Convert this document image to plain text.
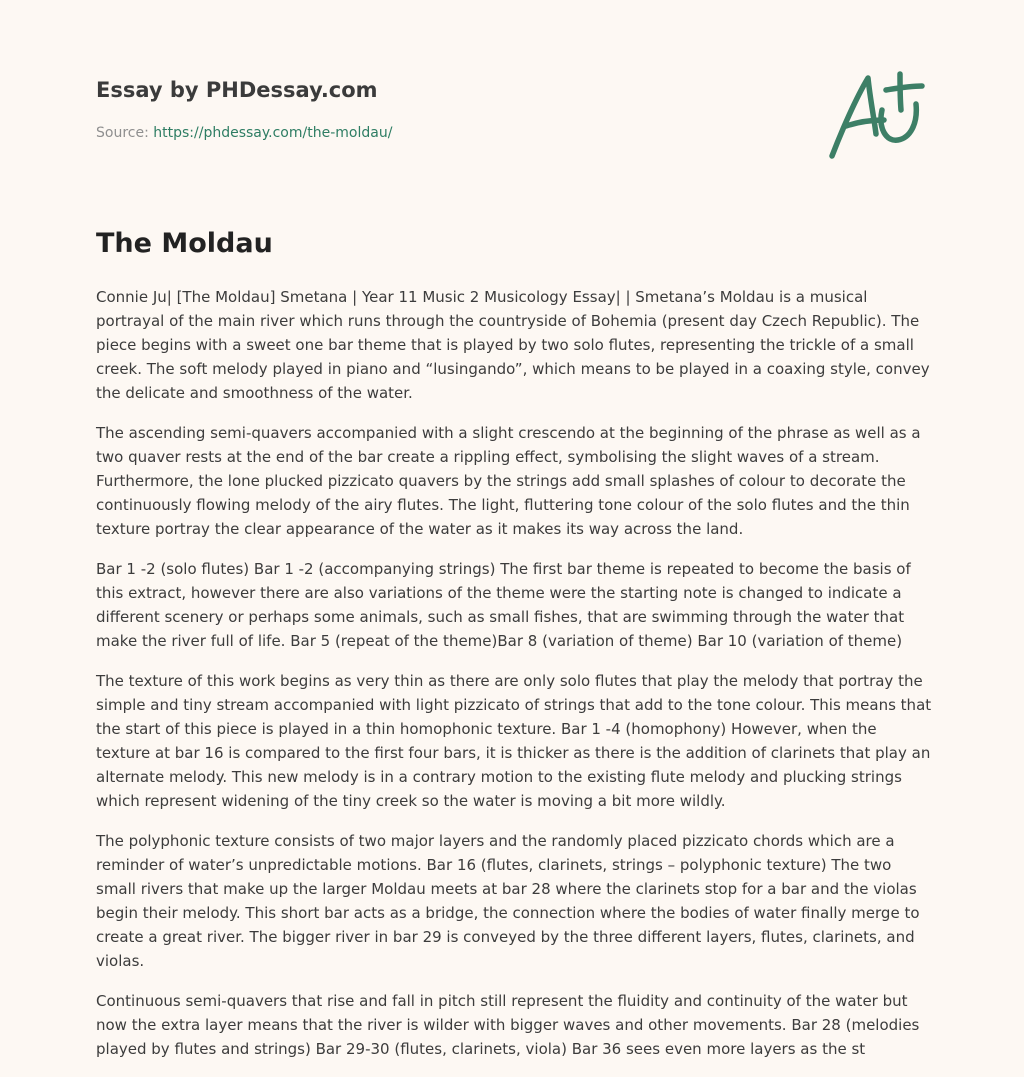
Essay by PHDessay.com
Source: https://phdessay.com/the-moldau/
The Moldau

Connie Ju| [The Moldau] Smetana | Year 11 Music 2 Musicology Essay| | Smetana’s Moldau is a musical portrayal of the main river which runs through the countryside of Bohemia (present day Czech Republic). The piece begins with a sweet one bar theme that is played by two solo flutes, representing the trickle of a small creek. The soft melody played in piano and “lusingando”, which means to be played in a coaxing style, convey the delicate and smoothness of the water.

The ascending semi-quavers accompanied with a slight crescendo at the beginning of the phrase as well as a two quaver rests at the end of the bar create a rippling effect, symbolising the slight waves of a stream. Furthermore, the lone plucked pizzicato quavers by the strings add small splashes of colour to decorate the continuously flowing melody of the airy flutes. The light, fluttering tone colour of the solo flutes and the thin texture portray the clear appearance of the water as it makes its way across the land.

Bar 1 -2 (solo flutes) Bar 1 -2 (accompanying strings) The first bar theme is repeated to become the basis of this extract, however there are also variations of the theme were the starting note is changed to indicate a different scenery or perhaps some animals, such as small fishes, that are swimming through the water that make the river full of life. Bar 5 (repeat of the theme)Bar 8 (variation of theme) Bar 10 (variation of theme)

The texture of this work begins as very thin as there are only solo flutes that play the melody that portray the simple and tiny stream accompanied with light pizzicato of strings that add to the tone colour. This means that the start of this piece is played in a thin homophonic texture. Bar 1 -4 (homophony) However, when the texture at bar 16 is compared to the first four bars, it is thicker as there is the addition of clarinets that play an alternate melody. This new melody is in a contrary motion to the existing flute melody and plucking strings which represent widening of the tiny creek so the water is moving a bit more wildly.

The polyphonic texture consists of two major layers and the randomly placed pizzicato chords which are a reminder of water’s unpredictable motions. Bar 16 (flutes, clarinets, strings – polyphonic texture) The two small rivers that make up the larger Moldau meets at bar 28 where the clarinets stop for a bar and the violas begin their melody. This short bar acts as a bridge, the connection where the bodies of water finally merge to create a great river. The bigger river in bar 29 is conveyed by the three different layers, flutes, clarinets, and violas.

Continuous semi-quavers that rise and fall in pitch still represent the fluidity and continuity of the water but now the extra layer means that the river is wilder with bigger waves and other movements. Bar 28 (melodies played by flutes and strings) Bar 29-30 (flutes, clarinets, viola) Bar 36 sees even more layers as the st
